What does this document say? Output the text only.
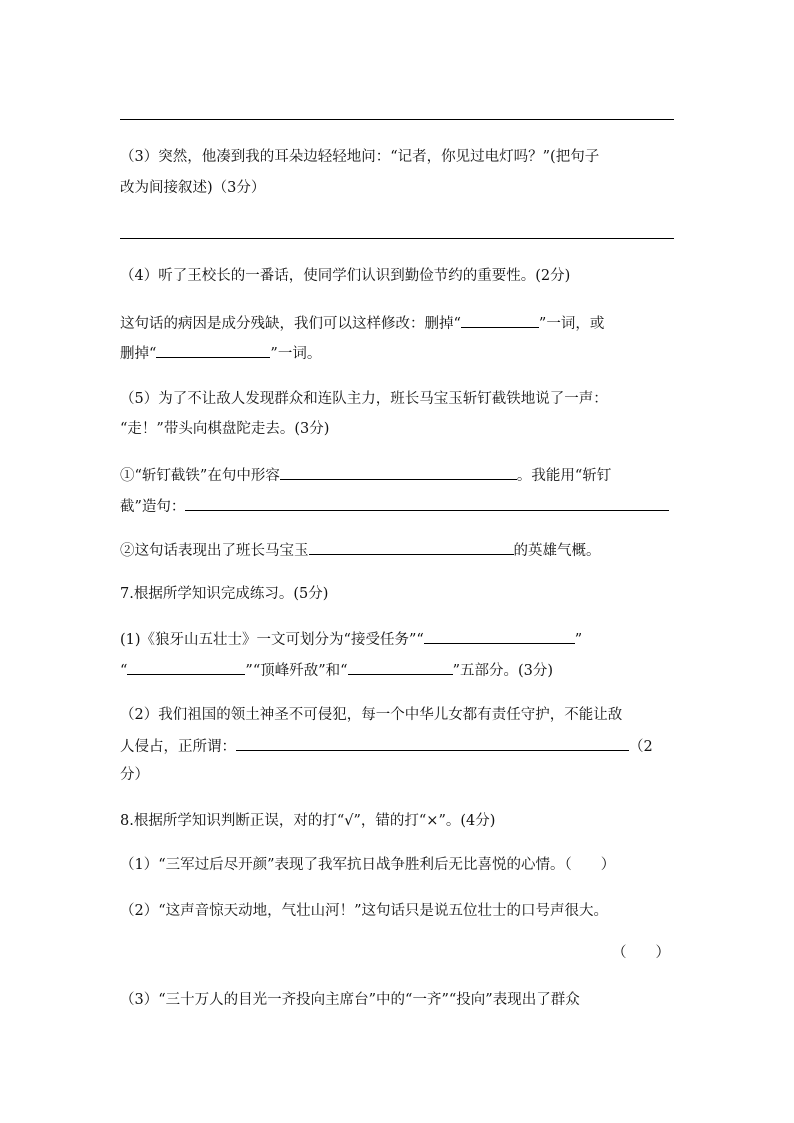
（3）突然，他凑到我的耳朵边轻轻地问：“记者，你见过电灯吗？”(把句子
改为间接叙述)（3分）
（4）听了王校长的一番话，使同学们认识到勤俭节约的重要性。(2分)
这句话的病因是成分残缺，我们可以这样修改：删掉“	”一词，或
删掉“	”一词。
（5）为了不让敌人发现群众和连队主力，班长马宝玉斩钉截铁地说了一声：
“走！”带头向棋盘陀走去。(3分)
①“斩钉截铁”在句中形容	。我能用“斩钉
截”造句：
②这句话表现出了班长马宝玉	的英雄气概。
7.根据所学知识完成练习。(5分)
(1)《狼牙山五壮士》一文可划分为“接受任务”“	”
“	”“顶峰歼敌”和“	”五部分。(3分)
（2）我们祖国的领土神圣不可侵犯，每一个中华儿女都有责任守护，不能让敌
人侵占，正所谓：	（2
分）
8.根据所学知识判断正误，对的打“√”，错的打“×”。(4分)
（1）“三军过后尽开颜”表现了我军抗日战争胜利后无比喜悦的心情。（　　）
（2）“这声音惊天动地，气壮山河！”这句话只是说五位壮士的口号声很大。
（　　）
（3）“三十万人的目光一齐投向主席台”中的“一齐”“投向”表现出了群众
